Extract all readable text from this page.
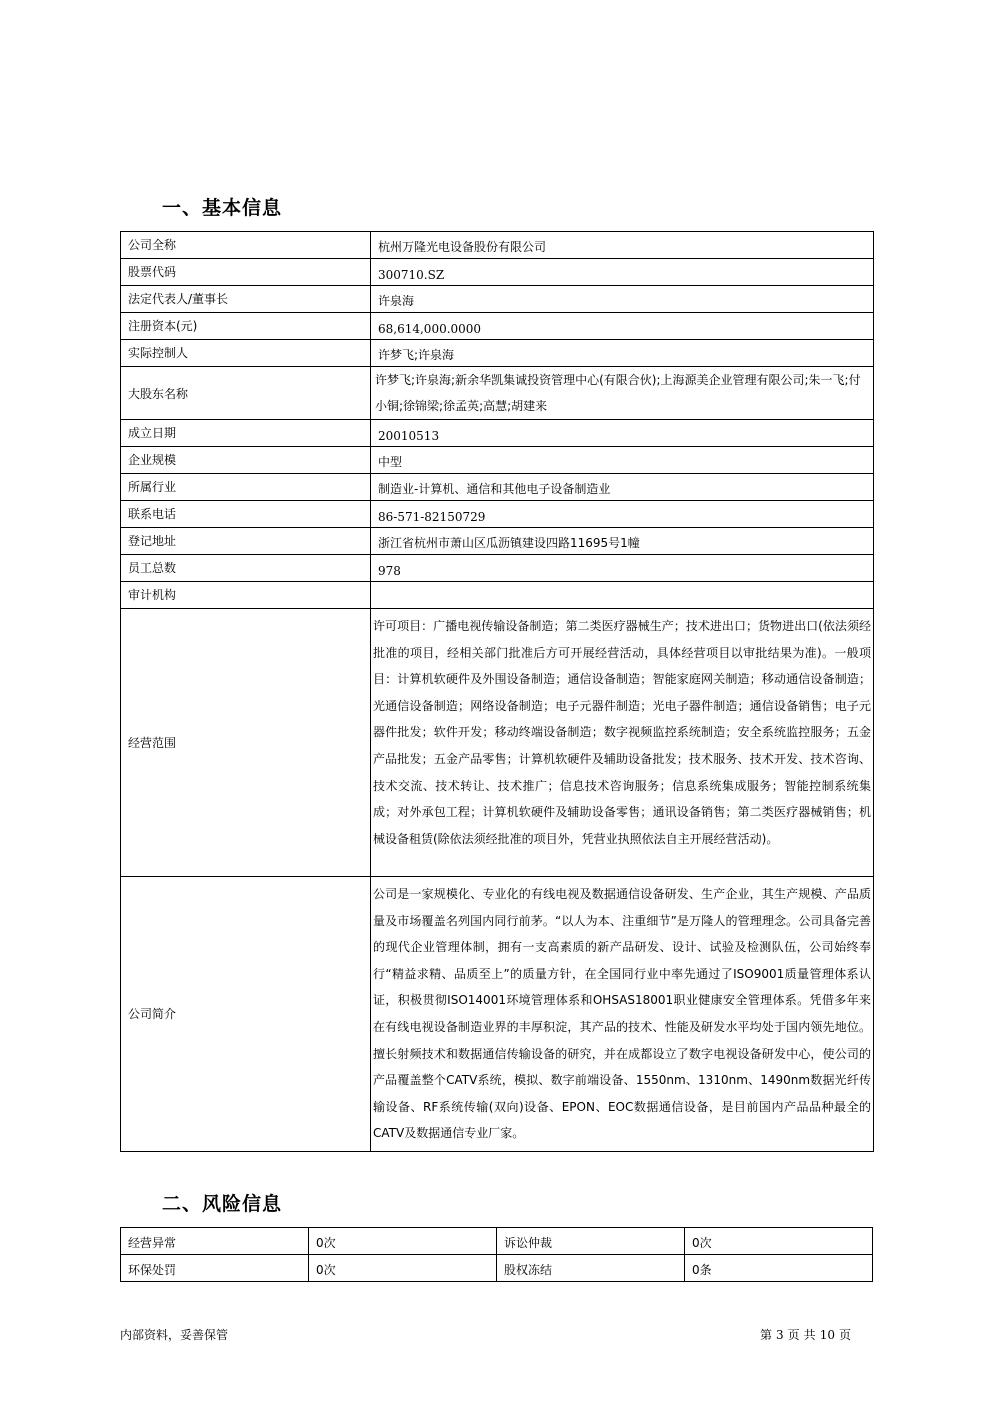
一、基本信息
公司全称	杭州万隆光电设备股份有限公司
股票代码	300710.SZ
法定代表人/董事长	许泉海
注册资本(元)	68,614,000.0000
实际控制人	许梦飞;许泉海
大股东名称	许梦飞;许泉海;新余华凯集诚投资管理中心(有限合伙);上海源美企业管理有限公司;朱一飞;付小铜;徐锦梁;徐孟英;高慧;胡建来
成立日期	20010513
企业规模	中型
所属行业	制造业-计算机、通信和其他电子设备制造业
联系电话	86-571-82150729
登记地址	浙江省杭州市萧山区瓜沥镇建设四路11695号1幢
员工总数	978
审计机构	
经营范围	许可项目：广播电视传输设备制造；第二类医疗器械生产；技术进出口；货物进出口(依法须经批准的项目，经相关部门批准后方可开展经营活动，具体经营项目以审批结果为准)。一般项目：计算机软硬件及外围设备制造；通信设备制造；智能家庭网关制造；移动通信设备制造；光通信设备制造；网络设备制造；电子元器件制造；光电子器件制造；通信设备销售；电子元器件批发；软件开发；移动终端设备制造；数字视频监控系统制造；安全系统监控服务；五金产品批发；五金产品零售；计算机软硬件及辅助设备批发；技术服务、技术开发、技术咨询、技术交流、技术转让、技术推广；信息技术咨询服务；信息系统集成服务；智能控制系统集成；对外承包工程；计算机软硬件及辅助设备零售；通讯设备销售；第二类医疗器械销售；机械设备租赁(除依法须经批准的项目外，凭营业执照依法自主开展经营活动)。
公司简介	公司是一家规模化、专业化的有线电视及数据通信设备研发、生产企业，其生产规模、产品质量及市场覆盖名列国内同行前茅。“以人为本、注重细节”是万隆人的管理理念。公司具备完善的现代企业管理体制，拥有一支高素质的新产品研发、设计、试验及检测队伍，公司始终奉行“精益求精、品质至上”的质量方针，在全国同行业中率先通过了ISO9001质量管理体系认证，积极贯彻ISO14001环境管理体系和OHSAS18001职业健康安全管理体系。凭借多年来在有线电视设备制造业界的丰厚积淀，其产品的技术、性能及研发水平均处于国内领先地位。擅长射频技术和数据通信传输设备的研究，并在成都设立了数字电视设备研发中心，使公司的产品覆盖整个CATV系统，模拟、数字前端设备、1550nm、1310nm、1490nm数据光纤传输设备、RF系统传输(双向)设备、EPON、EOC数据通信设备，是目前国内产品品种最全的CATV及数据通信专业厂家。
二、风险信息
经营异常	0次	诉讼仲裁	0次
环保处罚	0次	股权冻结	0条
内部资料，妥善保管	第 3 页 共 10 页
